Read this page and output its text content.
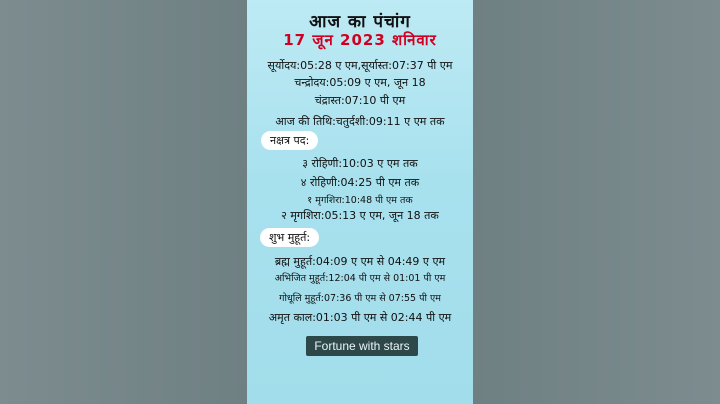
आज का पंचांग
17 जून 2023 शनिवार
सूर्योदय:05:28 ए एम,सूर्यास्त:07:37 पी एम
चन्द्रोदय:05:09 ए एम, जून 18
चंद्रास्त:07:10 पी एम
आज की तिथि:चतुर्दशी:09:11 ए एम तक
नक्षत्र पद:
३ रोहिणी:10:03 ए एम तक
४ रोहिणी:04:25 पी एम तक
१ मृगशिरा:10:48 पी एम तक
२ मृगशिरा:05:13 ए एम, जून 18 तक
शुभ मुहूर्त:
ब्रह्म मुहूर्त:04:09 ए एम से 04:49 ए एम
अभिजित मुहूर्त:12:04 पी एम से 01:01 पी एम
गोधूलि मुहूर्त:07:36 पी एम से 07:55 पी एम
अमृत काल:01:03 पी एम से 02:44 पी एम
Fortune with stars
